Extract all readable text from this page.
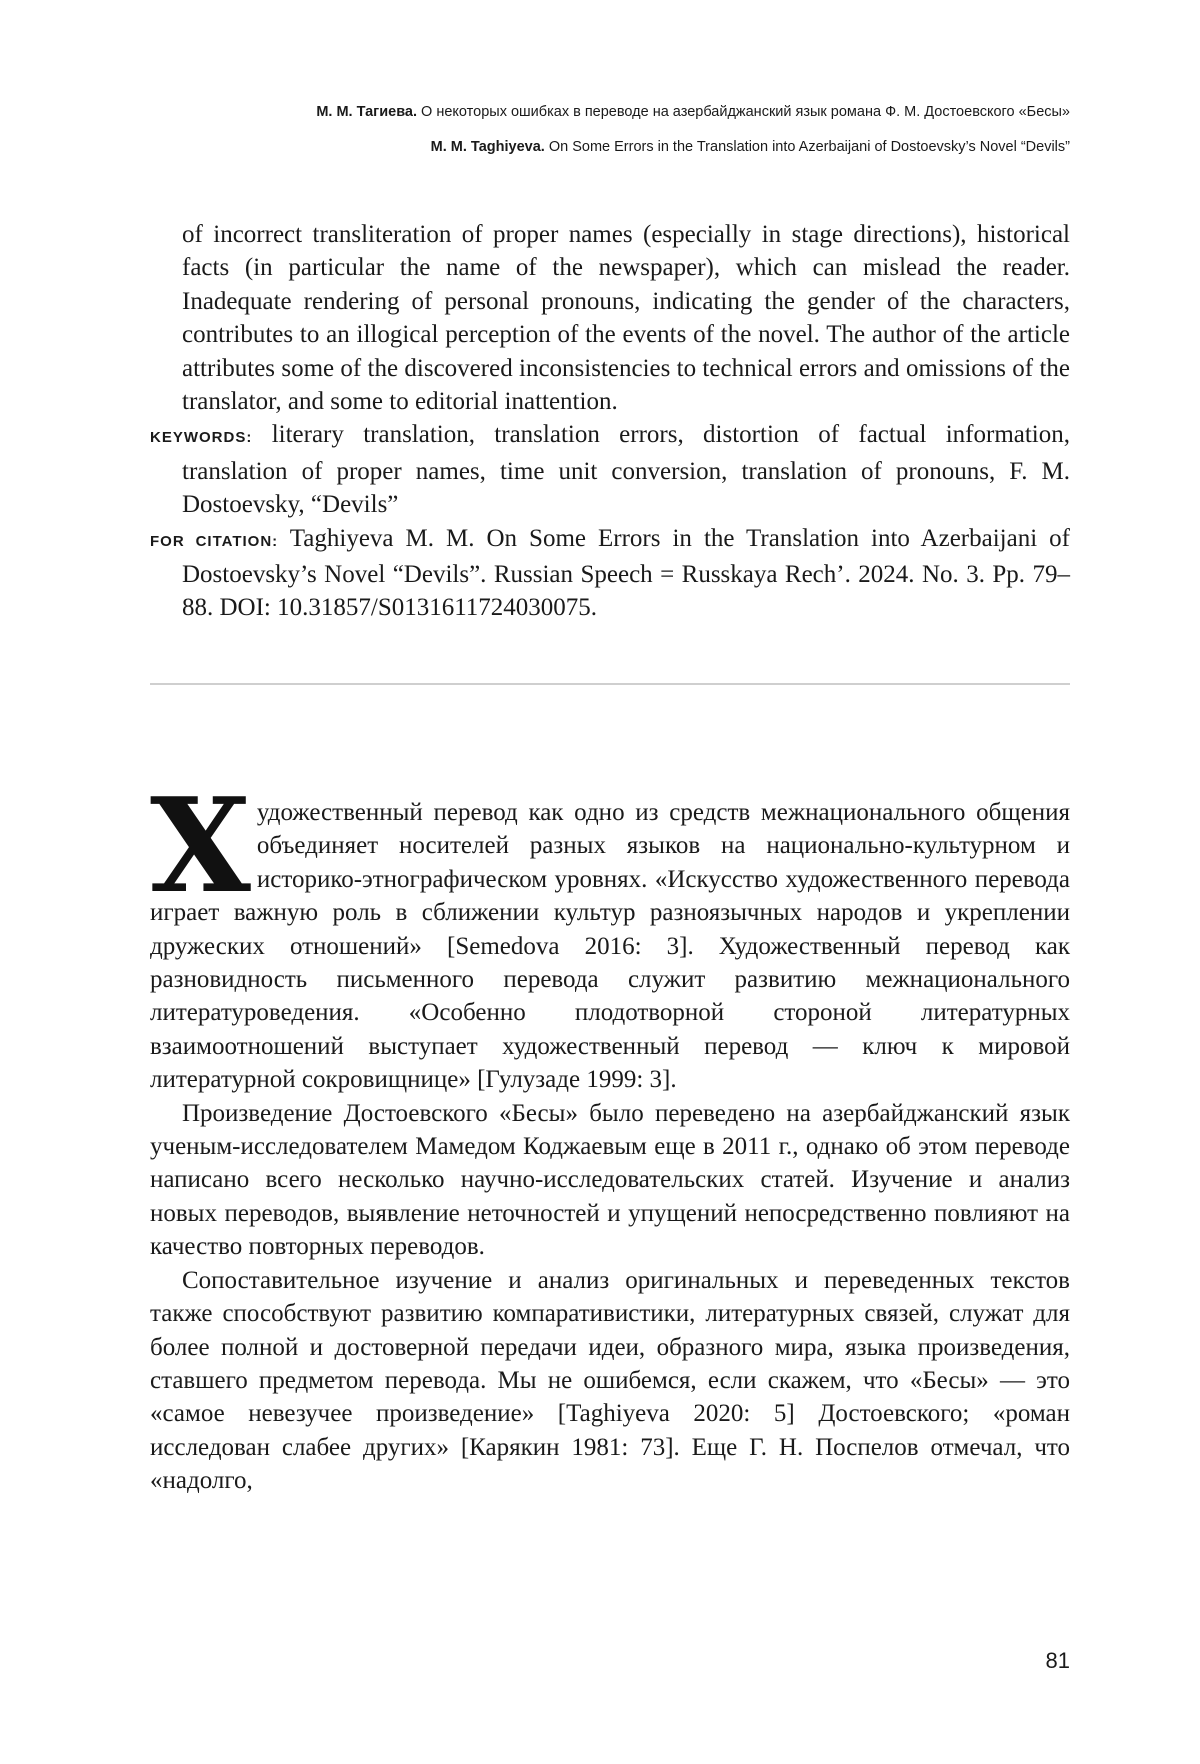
М. М. Тагиева. О некоторых ошибках в переводе на азербайджанский язык романа Ф. М. Достоевского «Бесы»
M. M. Taghiyeva. On Some Errors in the Translation into Azerbaijani of Dostoevsky’s Novel “Devils”

of incorrect transliteration of proper names (especially in stage directions), historical facts (in particular the name of the newspaper), which can mislead the reader. Inadequate rendering of personal pronouns, indicating the gender of the characters, contributes to an illogical perception of the events of the novel. The author of the article attributes some of the discovered inconsistencies to technical errors and omissions of the translator, and some to editorial inattention.

KEYWORDS: literary translation, translation errors, distortion of factual information, translation of proper names, time unit conversion, translation of pronouns, F. M. Dostoevsky, “Devils”

FOR CITATION: Taghiyeva M. M. On Some Errors in the Translation into Azerbaijani of Dostoevsky’s Novel “Devils”. Russian Speech = Russkaya Rech’. 2024. No. 3. Pp. 79–88. DOI: 10.31857/S0131611724030075.

Художественный перевод как одно из средств межнационального общения объединяет носителей разных языков на национально-культурном и историко-этнографическом уровнях. «Искусство художественного перевода играет важную роль в сближении культур разноязычных народов и укреплении дружеских отношений» [Semedova 2016: 3]. Художественный перевод как разновидность письменного перевода служит развитию межнационального литературоведения. «Особенно плодотворной стороной литературных взаимоотношений выступает художественный перевод — ключ к мировой литературной сокровищнице» [Гулузаде 1999: 3].

Произведение Достоевского «Бесы» было переведено на азербайджанский язык ученым-исследователем Мамедом Коджаевым еще в 2011 г., однако об этом переводе написано всего несколько научно-исследовательских статей. Изучение и анализ новых переводов, выявление неточностей и упущений непосредственно повлияют на качество повторных переводов.

Сопоставительное изучение и анализ оригинальных и переведенных текстов также способствуют развитию компаративистики, литературных связей, служат для более полной и достоверной передачи идеи, образного мира, языка произведения, ставшего предметом перевода. Мы не ошибемся, если скажем, что «Бесы» — это «самое невезучее произведение» [Taghiyeva 2020: 5] Достоевского; «роман исследован слабее других» [Карякин 1981: 73]. Еще Г. Н. Поспелов отмечал, что «надолго,

81
